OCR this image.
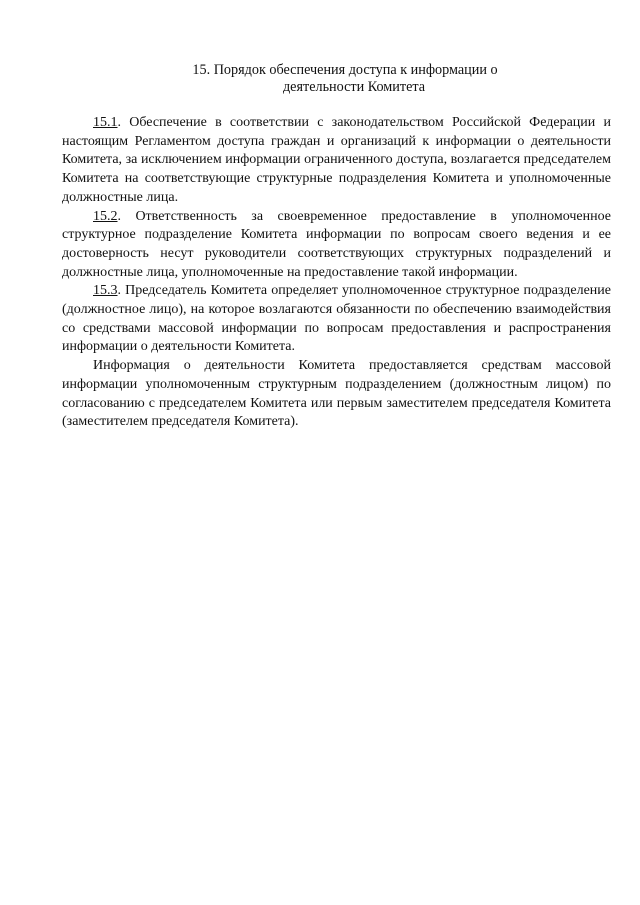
15. Порядок обеспечения доступа к информации о
деятельности Комитета

15.1. Обеспечение в соответствии с законодательством Российской Федерации и настоящим Регламентом доступа граждан и организаций к информации о деятельности Комитета, за исключением информации ограниченного доступа, возлагается председателем Комитета на соответствующие структурные подразделения Комитета и уполномоченные должностные лица.

15.2. Ответственность за своевременное предоставление в уполномоченное структурное подразделение Комитета информации по вопросам своего ведения и ее достоверность несут руководители соответствующих структурных подразделений и должностные лица, уполномоченные на предоставление такой информации.

15.3. Председатель Комитета определяет уполномоченное структурное подразделение (должностное лицо), на которое возлагаются обязанности по обеспечению взаимодействия со средствами массовой информации по вопросам предоставления и распространения информации о деятельности Комитета.

Информация о деятельности Комитета предоставляется средствам массовой информации уполномоченным структурным подразделением (должностным лицом) по согласованию с председателем Комитета или первым заместителем председателя Комитета (заместителем председателя Комитета).
